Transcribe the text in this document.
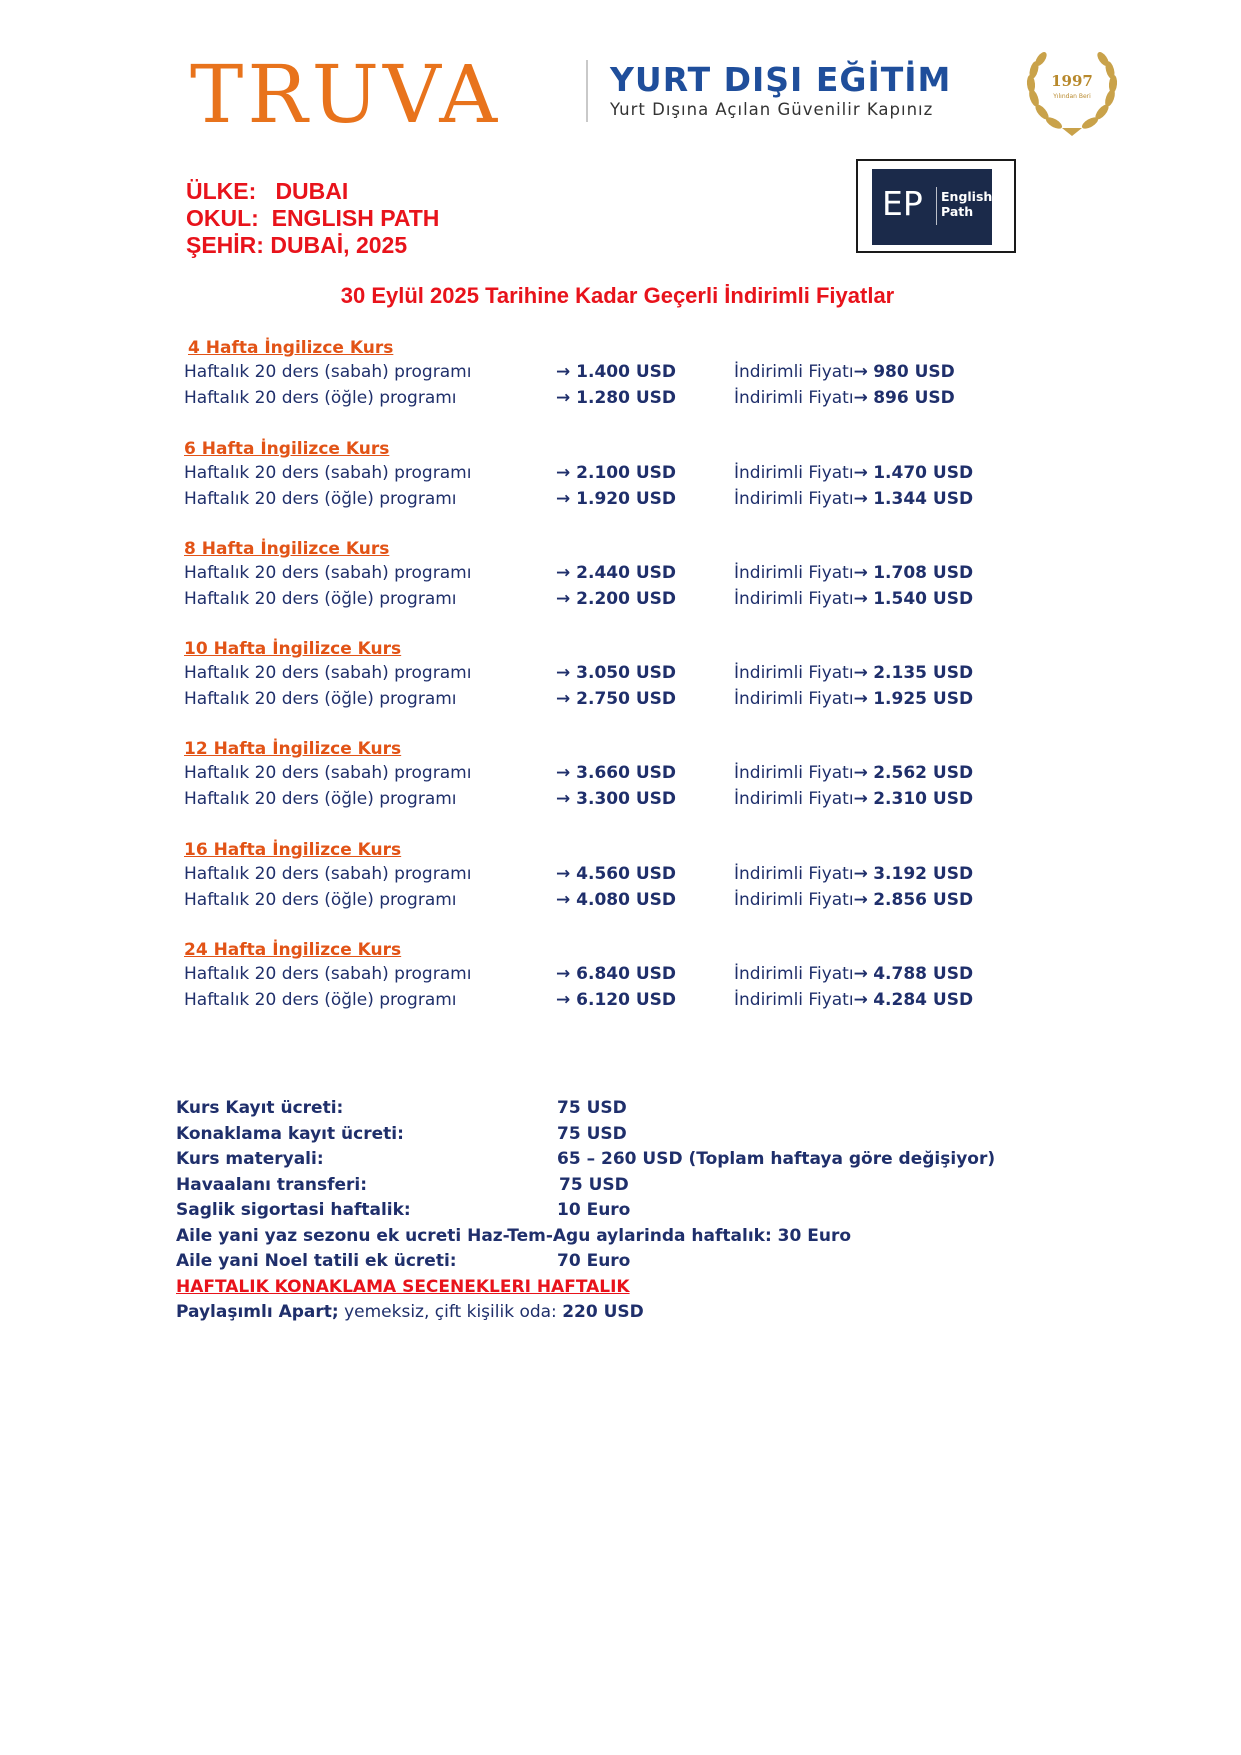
TRUVA	YURT DIŞI EĞİTİM
Yurt Dışına Açılan Güvenilir Kapınız
1997
Yılından Beri
ÜLKE:   DUBAI
OKUL:  ENGLISH PATH
ŞEHİR: DUBAİ, 2025
EP English
Path
30 Eylül 2025 Tarihine Kadar Geçerli İndirimli Fiyatlar
4 Hafta İngilizce Kurs
Haftalık 20 ders (sabah) programı	→ 1.400 USD	İndirimli Fiyatı→ 980 USD
Haftalık 20 ders (öğle) programı	→ 1.280 USD	İndirimli Fiyatı→ 896 USD
6 Hafta İngilizce Kurs
Haftalık 20 ders (sabah) programı	→ 2.100 USD	İndirimli Fiyatı→ 1.470 USD
Haftalık 20 ders (öğle) programı	→ 1.920 USD	İndirimli Fiyatı→ 1.344 USD
8 Hafta İngilizce Kurs
Haftalık 20 ders (sabah) programı	→ 2.440 USD	İndirimli Fiyatı→ 1.708 USD
Haftalık 20 ders (öğle) programı	→ 2.200 USD	İndirimli Fiyatı→ 1.540 USD
10 Hafta İngilizce Kurs
Haftalık 20 ders (sabah) programı	→ 3.050 USD	İndirimli Fiyatı→ 2.135 USD
Haftalık 20 ders (öğle) programı	→ 2.750 USD	İndirimli Fiyatı→ 1.925 USD
12 Hafta İngilizce Kurs
Haftalık 20 ders (sabah) programı	→ 3.660 USD	İndirimli Fiyatı→ 2.562 USD
Haftalık 20 ders (öğle) programı	→ 3.300 USD	İndirimli Fiyatı→ 2.310 USD
16 Hafta İngilizce Kurs
Haftalık 20 ders (sabah) programı	→ 4.560 USD	İndirimli Fiyatı→ 3.192 USD
Haftalık 20 ders (öğle) programı	→ 4.080 USD	İndirimli Fiyatı→ 2.856 USD
24 Hafta İngilizce Kurs
Haftalık 20 ders (sabah) programı	→ 6.840 USD	İndirimli Fiyatı→ 4.788 USD
Haftalık 20 ders (öğle) programı	→ 6.120 USD	İndirimli Fiyatı→ 4.284 USD
Kurs Kayıt ücreti:	75 USD
Konaklama kayıt ücreti:	75 USD
Kurs materyali:	65 – 260 USD (Toplam haftaya göre değişiyor)
Havaalanı transferi:	75 USD
Saglik sigortasi haftalik:	10 Euro
Aile yani yaz sezonu ek ucreti Haz-Tem-Agu aylarinda haftalık: 30 Euro
Aile yani Noel tatili ek ücreti:	70 Euro
HAFTALIK KONAKLAMA SECENEKLERI HAFTALIK
Paylaşımlı Apart; yemeksiz, çift kişilik oda: 220 USD
